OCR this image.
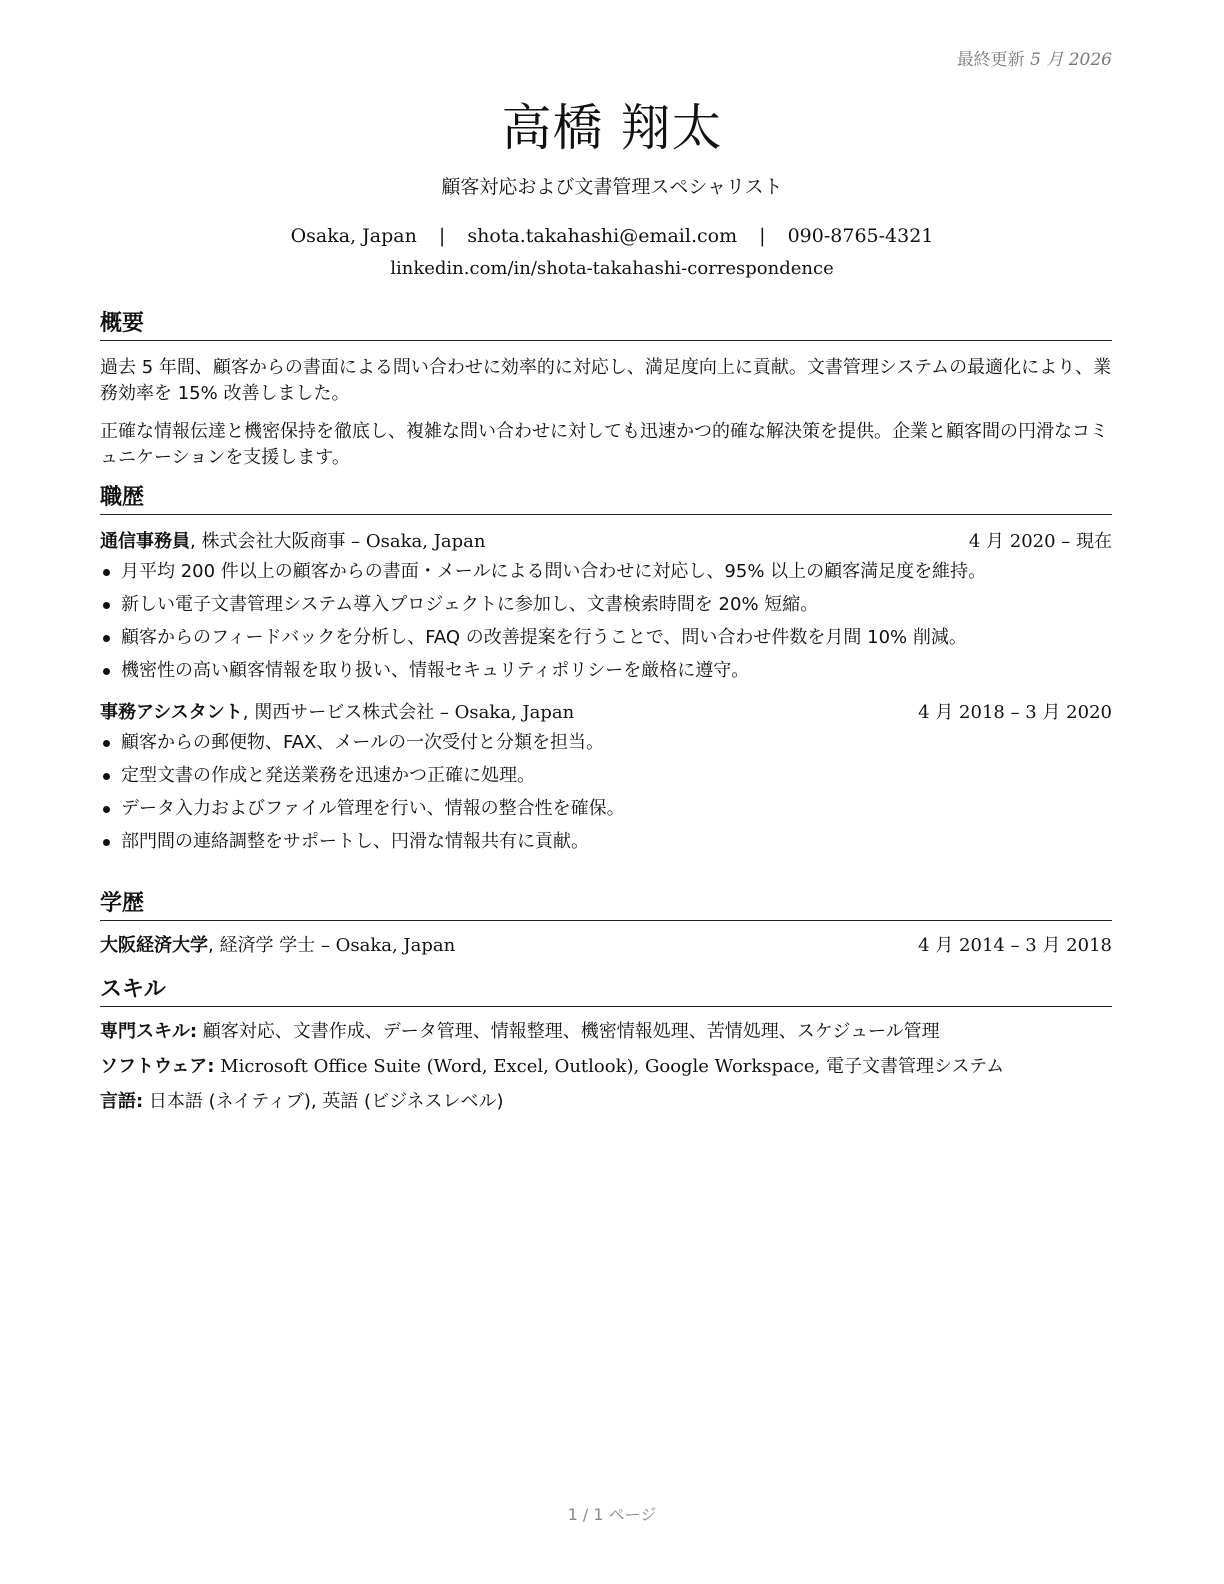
最終更新 5 月 2026
高橋 翔太
顧客対応および文書管理スペシャリスト
Osaka, Japan | shota.takahashi@email.com | 090-8765-4321
linkedin.com/in/shota-takahashi-correspondence
概要

過去 5 年間、顧客からの書面による問い合わせに効率的に対応し、満足度向上に貢献。文書管理システムの最適化により、業務効率を 15% 改善しました。

正確な情報伝達と機密保持を徹底し、複雑な問い合わせに対しても迅速かつ的確な解決策を提供。企業と顧客間の円滑なコミュニケーションを支援します。

職歴
通信事務員, 株式会社大阪商事 – Osaka, Japan	4 月 2020 – 現在
月平均 200 件以上の顧客からの書面・メールによる問い合わせに対応し、95% 以上の顧客満足度を維持。
新しい電子文書管理システム導入プロジェクトに参加し、文書検索時間を 20% 短縮。
顧客からのフィードバックを分析し、FAQ の改善提案を行うことで、問い合わせ件数を月間 10% 削減。
機密性の高い顧客情報を取り扱い、情報セキュリティポリシーを厳格に遵守。
事務アシスタント, 関西サービス株式会社 – Osaka, Japan	4 月 2018 – 3 月 2020
顧客からの郵便物、FAX、メールの一次受付と分類を担当。
定型文書の作成と発送業務を迅速かつ正確に処理。
データ入力およびファイル管理を行い、情報の整合性を確保。
部門間の連絡調整をサポートし、円滑な情報共有に貢献。
学歴
大阪経済大学, 経済学 学士 – Osaka, Japan	4 月 2014 – 3 月 2018
スキル
専門スキル: 顧客対応、文書作成、データ管理、情報整理、機密情報処理、苦情処理、スケジュール管理
ソフトウェア: Microsoft Office Suite (Word, Excel, Outlook), Google Workspace, 電子文書管理システム
言語: 日本語 (ネイティブ), 英語 (ビジネスレベル)
1 / 1 ページ
